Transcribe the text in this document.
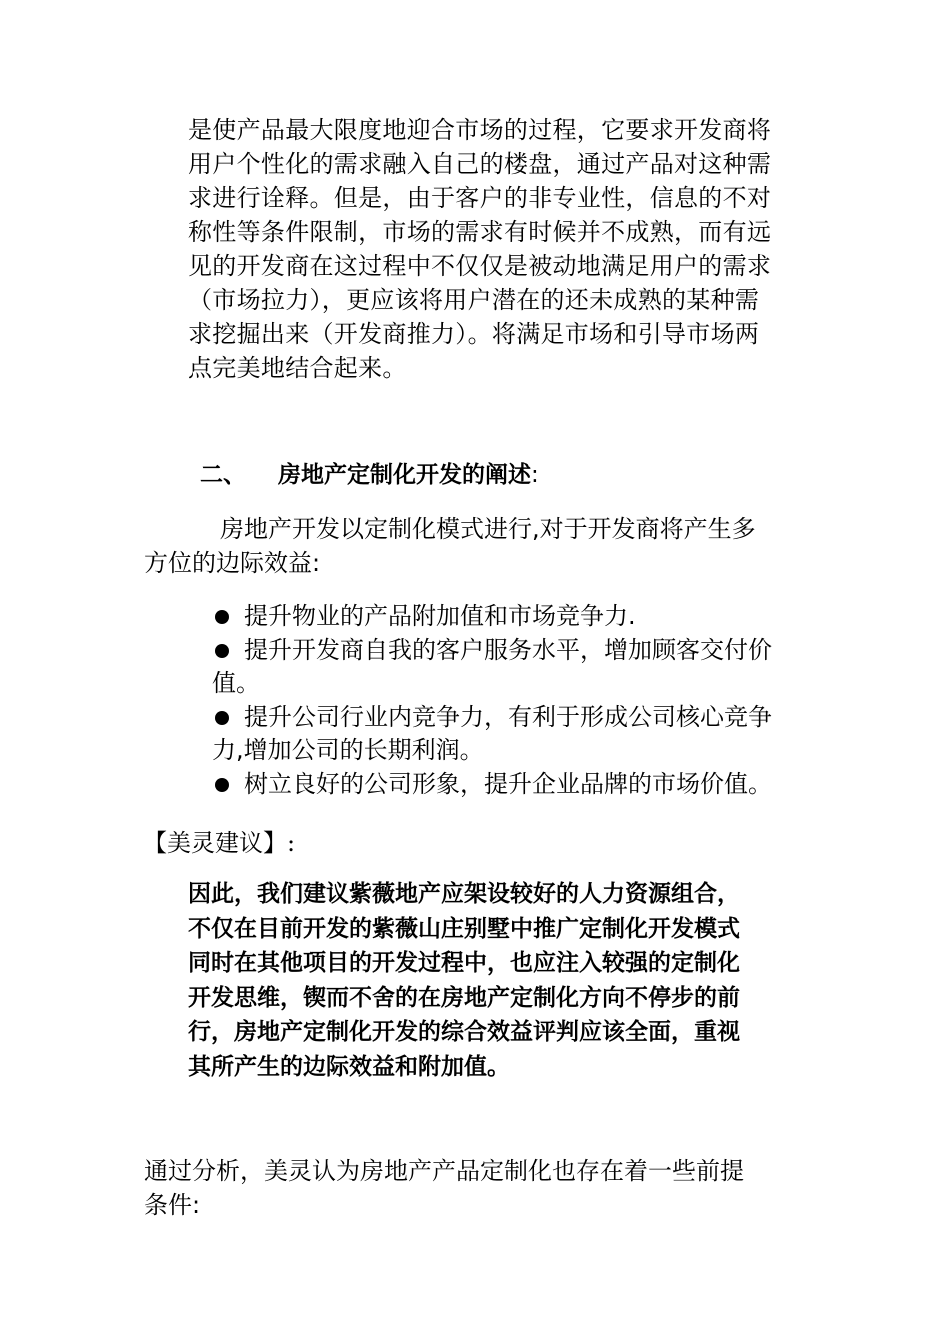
是使产品最大限度地迎合市场的过程，它要求开发商将
用户个性化的需求融入自己的楼盘，通过产品对这种需
求进行诠释。但是，由于客户的非专业性，信息的不对
称性等条件限制，市场的需求有时候并不成熟，而有远
见的开发商在这过程中不仅仅是被动地满足用户的需求
（市场拉力），更应该将用户潜在的还未成熟的某种需
求挖掘出来（开发商推力）。将满足市场和引导市场两
点完美地结合起来。
二、 房地产定制化开发的阐述:
房地产开发以定制化模式进行,对于开发商将产生多
方位的边际效益:
提升物业的产品附加值和市场竞争力.
提升开发商自我的客户服务水平，增加顾客交付价
值。
提升公司行业内竞争力，有利于形成公司核心竞争
力,增加公司的长期利润。
树立良好的公司形象，提升企业品牌的市场价值。
【美灵建议】:
因此，我们建议紫薇地产应架设较好的人力资源组合，
不仅在目前开发的紫薇山庄别墅中推广定制化开发模式
同时在其他项目的开发过程中，也应注入较强的定制化
开发思维，锲而不舍的在房地产定制化方向不停步的前
行，房地产定制化开发的综合效益评判应该全面，重视
其所产生的边际效益和附加值。
通过分析，美灵认为房地产产品定制化也存在着一些前提
条件:
